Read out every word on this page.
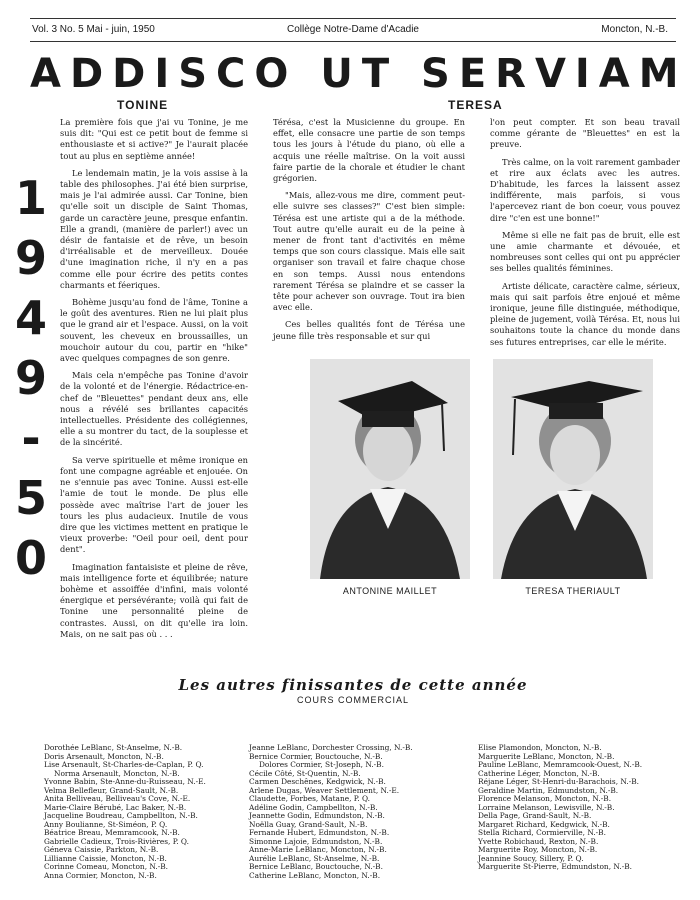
Collège Notre-Dame d'Acadie
Vol. 3 No. 5 Mai - juin, 1950	Moncton, N.-B.
ADDISCO UT SERVIAM
TONINE	TERESA
1
9
4
9
-
5
0

La première fois que j'ai vu Tonine, je me suis dit: "Qui est ce petit bout de femme si enthousiaste et si active?" Je l'aurait placée tout au plus en septième année!

Le lendemain matin, je la vois assise à la table des philosophes. J'ai été bien surprise, mais je l'ai admirée aussi. Car Tonine, bien qu'elle soit un disciple de Saint Thomas, garde un caractère jeune, presque enfantin. Elle a grandi, (manière de parler!) avec un désir de fantaisie et de rêve, un besoin d'irréalisable et de merveilleux. Douée d'une imagination riche, il n'y en a pas comme elle pour écrire des petits contes charmants et féeriques.

Bohème jusqu'au fond de l'âme, Tonine a le goût des aventures. Rien ne lui plait plus que le grand air et l'espace. Aussi, on la voit souvent, les cheveux en broussailles, un mouchoir autour du cou, partir en "hike" avec quelques compagnes de son genre.

Mais cela n'empêche pas Tonine d'avoir de la volonté et de l'énergie. Rédactrice-en-chef de "Bleuettes" pendant deux ans, elle nous a révélé ses brillantes capacités intellectuelles. Présidente des collégiennes, elle a su montrer du tact, de la souplesse et de la sincérité.

Sa verve spirituelle et même ironique en font une compagne agréable et enjouée. On ne s'ennuie pas avec Tonine. Aussi est-elle l'amie de tout le monde. De plus elle possède avec maîtrise l'art de jouer les tours les plus audacieux. Inutile de vous dire que les victimes mettent en pratique le vieux proverbe: "Oeil pour oeil, dent pour dent".

Imagination fantaisiste et pleine de rêve, mais intelligence forte et équilibrée; nature bohème et assoiffée d'infini, mais volonté énergique et persévérante; voilà qui fait de Tonine une personnalité pleine de contrastes. Aussi, on dit qu'elle ira loin. Mais, on ne sait pas où . . .

Térésa, c'est la Musicienne du groupe. En effet, elle consacre une partie de son temps tous les jours à l'étude du piano, où elle a acquis une réelle maîtrise. On la voit aussi faire partie de la chorale et étudier le chant grégorien.

"Mais, allez-vous me dire, comment peut-elle suivre ses classes?" C'est bien simple: Térésa est une artiste qui a de la méthode. Tout autre qu'elle aurait eu de la peine à mener de front tant d'activités en même temps que son cours classique. Mais elle sait organiser son travail et faire chaque chose en son temps. Aussi nous entendons rarement Térésa se plaindre et se casser la tête pour achever son ouvrage. Tout ira bien avec elle.

Ces belles qualités font de Térésa une jeune fille très responsable et sur qui

l'on peut compter. Et son beau travail comme gérante de "Bleuettes" en est la preuve.

Très calme, on la voit rarement gambader et rire aux éclats avec les autres. D'habitude, les farces la laissent assez indifférente, mais parfois, si vous l'apercevez riant de bon coeur, vous pouvez dire "c'en est une bonne!"

Même si elle ne fait pas de bruit, elle est une amie charmante et dévouée, et nombreuses sont celles qui ont pu apprécier ses belles qualités féminines.

Artiste délicate, caractère calme, sérieux, mais qui sait parfois être enjoué et même ironique, jeune fille distinguée, méthodique, pleine de jugement, voilà Térésa. Et, nous lui souhaitons toute la chance du monde dans ses futures entreprises, car elle le mérite.

ANTONINE MAILLET	TERESA THERIAULT
Les autres finissantes de cette année
COURS COMMERCIAL
Dorothée LeBlanc, St-Anselme, N.-B.
Doris Arsenault, Moncton, N.-B.
Lise Arsenault, St-Charles-de-Caplan, P. Q.
Norma Arsenault, Moncton, N.-B.
Yvonne Babin, Ste-Anne-du-Ruisseau, N.-E.
Velma Bellefleur, Grand-Sault, N.-B.
Anita Belliveau, Belliveau's Cove, N.-E.
Marie-Claire Bérubé, Lac Baker, N.-B.
Jacqueline Boudreau, Campbellton, N.-B.
Anny Boulianne, St-Siméon, P. Q.
Béatrice Breau, Memramcook, N.-B.
Gabrielle Cadieux, Trois-Rivières, P. Q.
Géneva Caissie, Parkton, N.-B.
Lillianne Caissie, Moncton, N.-B.
Corinne Comeau, Moncton, N.-B.
Anna Cormier, Moncton, N.-B.
Jeanne LeBlanc, Dorchester Crossing, N.-B.
Bernice Cormier, Bouctouche, N.-B.
Dolores Cormier, St-Joseph, N.-B.
Cécile Côté, St-Quentin, N.-B.
Carmen Deschênes, Kedgwick, N.-B.
Arlene Dugas, Weaver Settlement, N.-E.
Claudette, Forbes, Matane, P. Q.
Adéline Godin, Campbellton, N.-B.
Jeannette Godin, Edmundston, N.-B.
Noëlla Guay, Grand-Sault, N.-B.
Fernande Hubert, Edmundston, N.-B.
Simonne Lajoie, Edmundston, N.-B.
Anne-Marie LeBlanc, Moncton, N.-B.
Aurélie LeBlanc, St-Anselme, N.-B.
Bernice LeBlanc, Bouctouche, N.-B.
Catherine LeBlanc, Moncton, N.-B.
Elise Plamondon, Moncton, N.-B.
Marguerite LeBlanc, Moncton, N.-B.
Pauline LeBlanc, Memramcook-Ouest, N.-B.
Catherine Léger, Moncton, N.-B.
Réjane Léger, St-Henri-du-Barachois, N.-B.
Geraldine Martin, Edmundston, N.-B.
Florence Melanson, Moncton, N.-B.
Lorraine Melanson, Lewisville, N.-B.
Della Page, Grand-Sault, N.-B.
Margaret Richard, Kedgwick, N.-B.
Stella Richard, Cormierville, N.-B.
Yvette Robichaud, Rexton, N.-B.
Marguerite Roy, Moncton, N.-B.
Jeannine Soucy, Sillery, P. Q.
Marguerite St-Pierre, Edmundston, N.-B.
